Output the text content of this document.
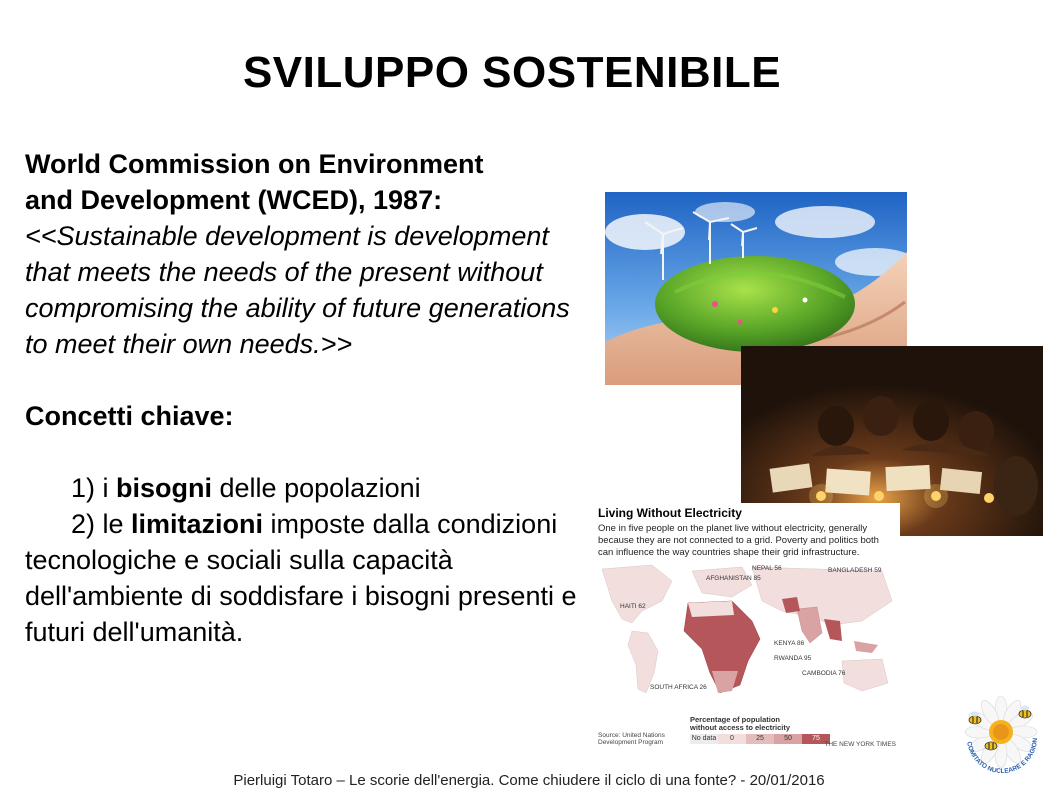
SVILUPPO SOSTENIBILE

World Commission on Environment
and Development (WCED), 1987:

<<Sustainable development is development that meets the needs of the present without compromising the ability of future generations to meet their own needs.>>

Concetti chiave:

1) i bisogni delle popolazioni

2) le limitazioni imposte dalla condizioni tecnologiche e sociali sulla capacità dell'ambiente di soddisfare i bisogni presenti e futuri dell'umanità.

Living Without Electricity
One in five people on the planet live without electricity, generally because they are not connected to a grid. Poverty and politics both can influence the way countries shape their grid infrastructure.
NEPAL 56	BANGLADESH 59
AFGHANISTAN 85
HAITI 62
KENYA 86
RWANDA 95
CAMBODIA 76
SOUTH AFRICA 26
Percentage of population
without access to electricity
No data	0	25	50	75
Source: United Nations Development Program	THE NEW YORK TIMES	COMITATO NUCLEARE E RAGION
Pierluigi Totaro – Le scorie dell'energia. Come chiudere il ciclo di una fonte? - 20/01/2016
